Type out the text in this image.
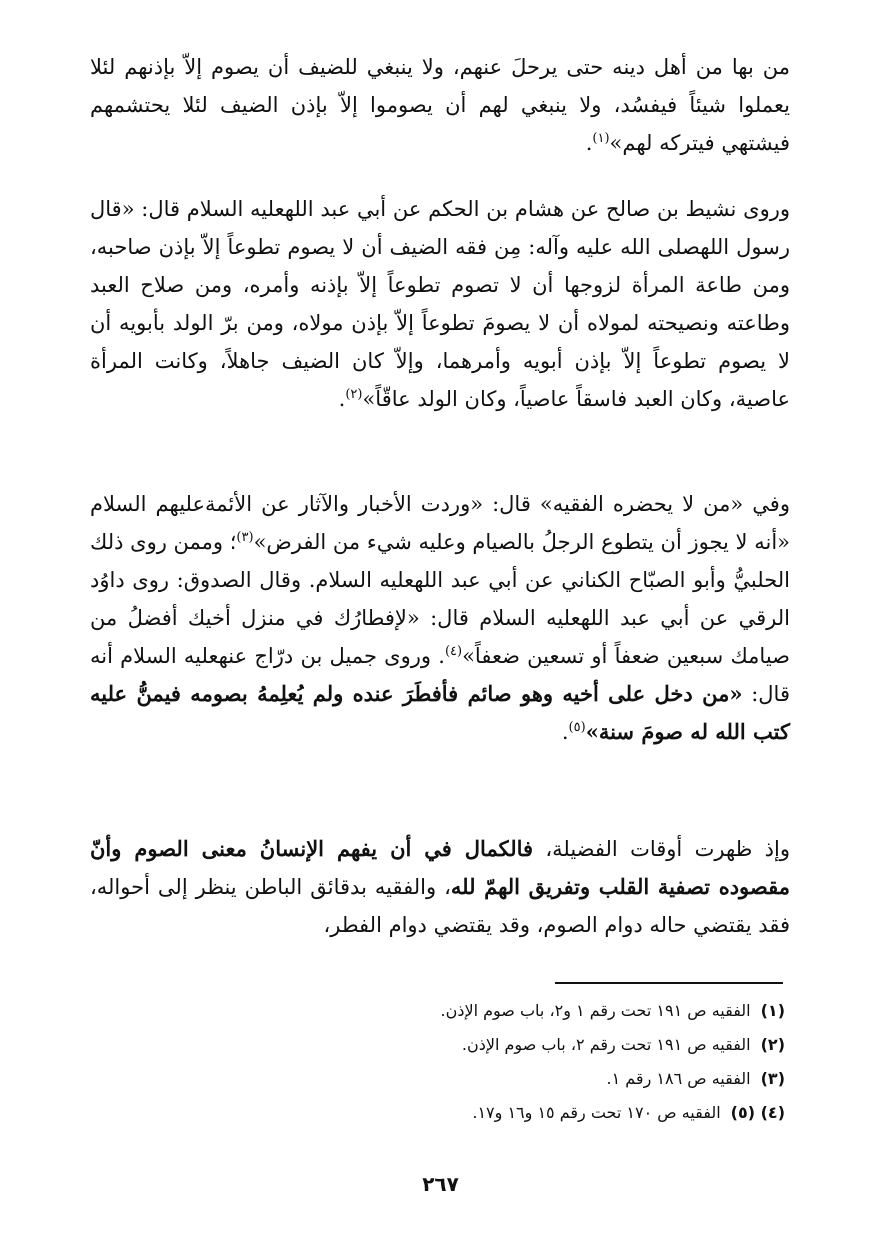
من بها من أهل دينه حتى يرحلَ عنهم، ولا ينبغي للضيف أن يصوم إلاّ بإذنهم لئلا يعملوا شيئاً فيفسُد، ولا ينبغي لهم أن يصوموا إلاّ بإذن الضيف لئلا يحتشمهم فيشتهي فيتركه لهم»$^{(١)}$.

وروى نشيط بن صالح عن هشام بن الحكم عن أبي عبد اللهعليه السلام قال: «قال رسول اللهصلى الله عليه وآله: مِن فقه الضيف أن لا يصوم تطوعاً إلاّ بإذن صاحبه، ومن طاعة المرأة لزوجها أن لا تصوم تطوعاً إلاّ بإذنه وأمره، ومن صلاح العبد وطاعته ونصيحته لمولاه أن لا يصومَ تطوعاً إلاّ بإذن مولاه، ومن برّ الولد بأبويه أن لا يصوم تطوعاً إلاّ بإذن أبويه وأمرهما، وإلاّ كان الضيف جاهلاً، وكانت المرأة عاصية، وكان العبد فاسقاً عاصياً، وكان الولد عاقّاً»$^{(٢)}$.

وفي «من لا يحضره الفقيه» قال: «وردت الأخبار والآثار عن الأئمةعليهم السلام «أنه لا يجوز أن يتطوع الرجلُ بالصيام وعليه شيء من الفرض»$^{(٣)}$؛ وممن روى ذلك الحلبيُّ وأبو الصبّاح الكناني عن أبي عبد اللهعليه السلام. وقال الصدوق: روى داوُد الرقي عن أبي عبد اللهعليه السلام قال: «لإفطارُك في منزل أخيك أفضلُ من صيامك سبعين ضعفاً أو تسعين ضعفاً»$^{(٤)}$. وروى جميل بن درّاج عنهعليه السلام أنه قال: «من دخل على أخيه وهو صائم فأفطَرَ عنده ولم يُعلِمهُ بصومه فيمنُّ عليه كتب الله له صومَ سنة»$^{(٥)}$.

وإذ ظهرت أوقات الفضيلة، فالكمال في أن يفهم الإنسانُ معنى الصوم وأنّ مقصوده تصفية القلب وتفريق الهمّ لله، والفقيه بدقائق الباطن ينظر إلى أحواله، فقد يقتضي حاله دوام الصوم، وقد يقتضي دوام الفطر،

(١)الفقيه ص ١٩١ تحت رقم ١ و٢، باب صوم الإذن.
(٢)الفقيه ص ١٩١ تحت رقم ٢، باب صوم الإذن.
(٣)الفقيه ص ١٨٦ رقم ١.
(٤) (٥)الفقيه ص ١٧٠ تحت رقم ١٥ و١٦ و١٧.
٢٦٧
